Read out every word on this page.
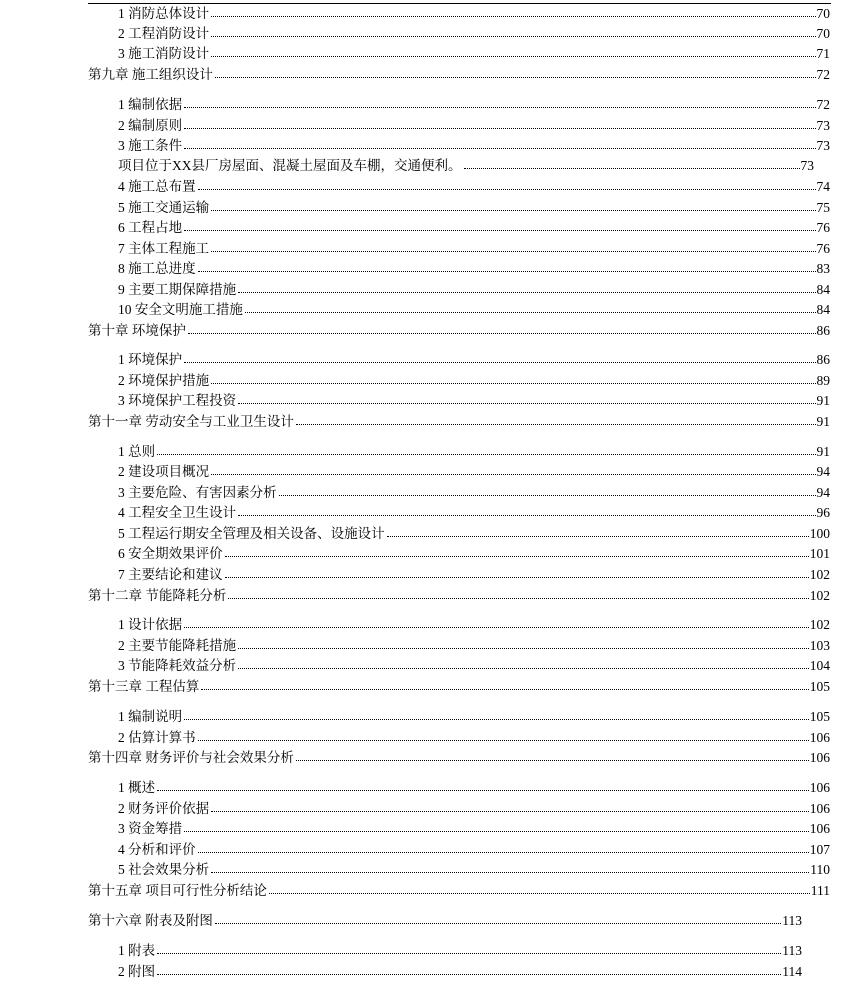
1 消防总体设计	70
2 工程消防设计	70
3 施工消防设计	71
第九章 施工组织设计	72
1 编制依据	72
2 编制原则	73
3 施工条件	73
项目位于XX县厂房屋面、混凝土屋面及车棚，交通便利。	73
4 施工总布置	74
5 施工交通运输	75
6 工程占地	76
7 主体工程施工	76
8 施工总进度	83
9 主要工期保障措施	84
10 安全文明施工措施	84
第十章 环境保护	86
1 环境保护	86
2 环境保护措施	89
3 环境保护工程投资	91
第十一章 劳动安全与工业卫生设计	91
1 总则	91
2 建设项目概况	94
3 主要危险、有害因素分析	94
4 工程安全卫生设计	96
5 工程运行期安全管理及相关设备、设施设计	100
6 安全期效果评价	101
7 主要结论和建议	102
第十二章 节能降耗分析	102
1 设计依据	102
2 主要节能降耗措施	103
3 节能降耗效益分析	104
第十三章 工程估算	105
1 编制说明	105
2 估算计算书	106
第十四章 财务评价与社会效果分析	106
1 概述	106
2 财务评价依据	106
3 资金筹措	106
4 分析和评价	107
5 社会效果分析	110
第十五章 项目可行性分析结论	111
第十六章 附表及附图	113
1 附表	113
2 附图	114
